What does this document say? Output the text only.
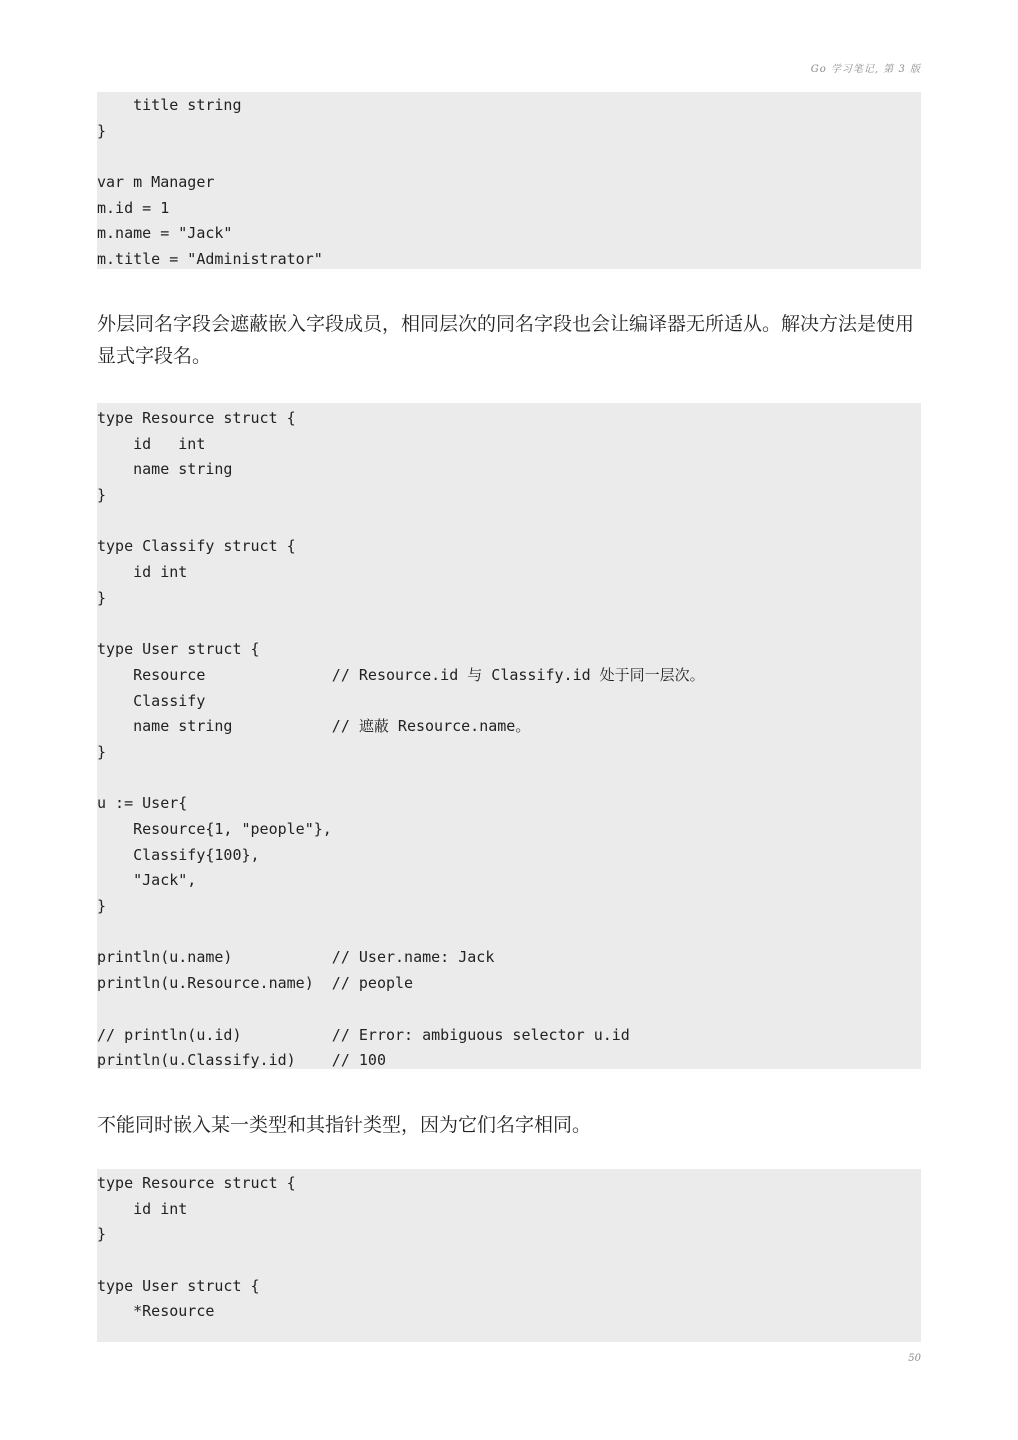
Go 学习笔记, 第 3 版
title string
}
var m Manager
m.id = 1
m.name = "Jack"
m.title = "Administrator"

外层同名字段会遮蔽嵌入字段成员，相同层次的同名字段也会让编译器无所适从。解决方法是使用显式字段名。

type Resource struct {
id   int
name string
}
type Classify struct {
id int
}
type User struct {
Resource              // Resource.id 与 Classify.id 处于同一层次。
Classify
name string           // 遮蔽 Resource.name。
}
u := User{
Resource{1, "people"},
Classify{100},
"Jack",
}
println(u.name)           // User.name: Jack
println(u.Resource.name)  // people
// println(u.id)          // Error: ambiguous selector u.id
println(u.Classify.id)    // 100

不能同时嵌入某一类型和其指针类型，因为它们名字相同。

type Resource struct {
id int
}
type User struct {
*Resource
50
